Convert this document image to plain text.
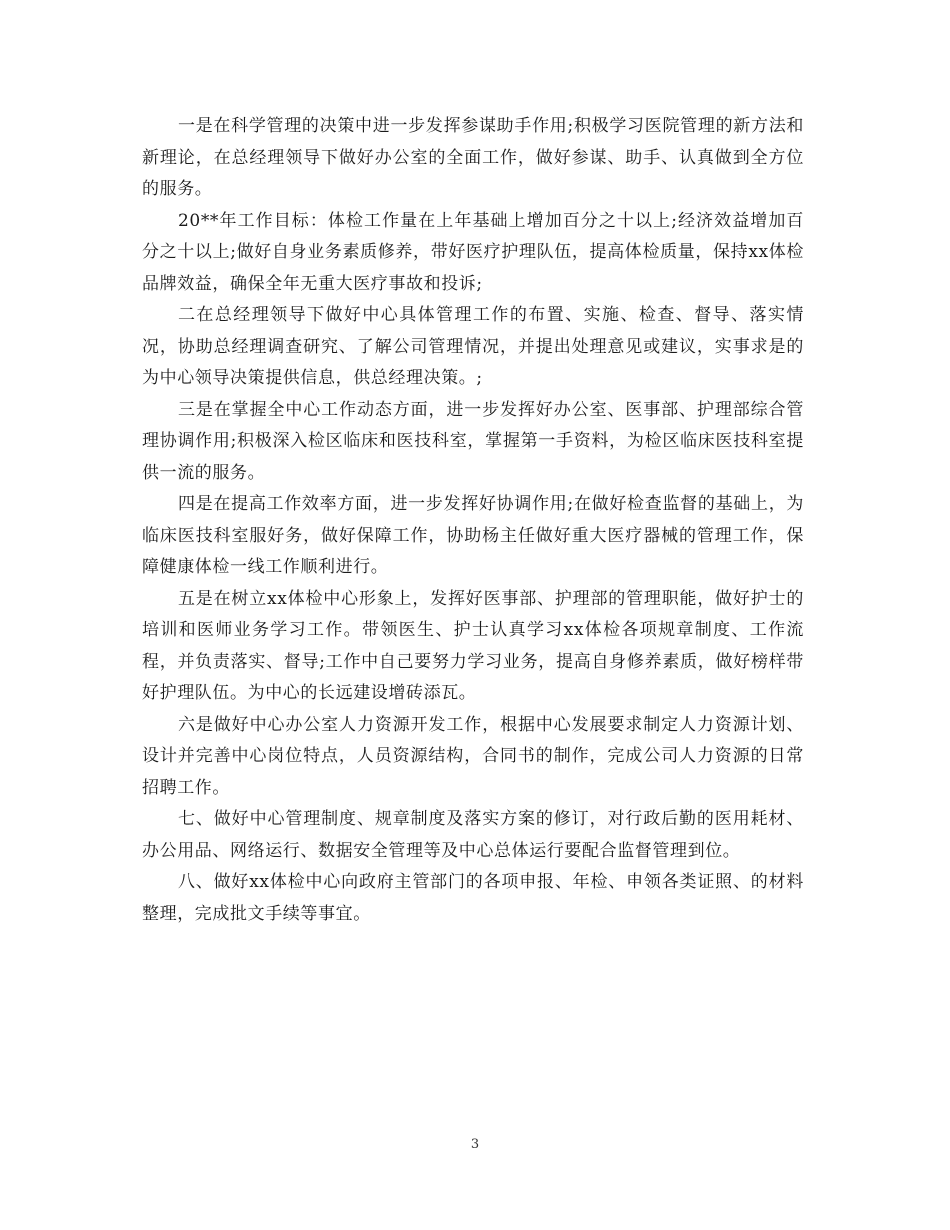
一是在科学管理的决策中进一步发挥参谋助手作用;积极学习医院管理的新方法和新理论，在总经理领导下做好办公室的全面工作，做好参谋、助手、认真做到全方位的服务。

20**年工作目标：体检工作量在上年基础上增加百分之十以上;经济效益增加百分之十以上;做好自身业务素质修养，带好医疗护理队伍，提高体检质量，保持xx体检品牌效益，确保全年无重大医疗事故和投诉;

二在总经理领导下做好中心具体管理工作的布置、实施、检查、督导、落实情况，协助总经理调查研究、了解公司管理情况，并提出处理意见或建议，实事求是的为中心领导决策提供信息，供总经理决策。;

三是在掌握全中心工作动态方面，进一步发挥好办公室、医事部、护理部综合管理协调作用;积极深入检区临床和医技科室，掌握第一手资料，为检区临床医技科室提供一流的服务。

四是在提高工作效率方面，进一步发挥好协调作用;在做好检查监督的基础上，为临床医技科室服好务，做好保障工作，协助杨主任做好重大医疗器械的管理工作，保障健康体检一线工作顺利进行。

五是在树立xx体检中心形象上，发挥好医事部、护理部的管理职能，做好护士的培训和医师业务学习工作。带领医生、护士认真学习xx体检各项规章制度、工作流程，并负责落实、督导;工作中自己要努力学习业务，提高自身修养素质，做好榜样带好护理队伍。为中心的长远建设增砖添瓦。

六是做好中心办公室人力资源开发工作，根据中心发展要求制定人力资源计划、设计并完善中心岗位特点，人员资源结构，合同书的制作，完成公司人力资源的日常招聘工作。

七、做好中心管理制度、规章制度及落实方案的修订，对行政后勤的医用耗材、办公用品、网络运行、数据安全管理等及中心总体运行要配合监督管理到位。

八、做好xx体检中心向政府主管部门的各项申报、年检、申领各类证照、的材料整理，完成批文手续等事宜。

3
